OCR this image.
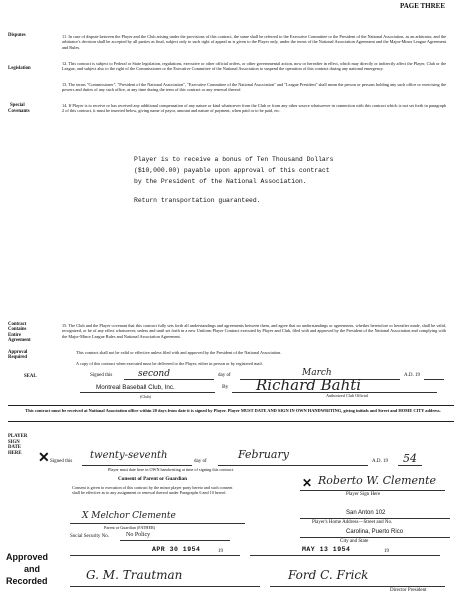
PAGE THREE
Disputes
Legislation
Special
Covenants
11. In case of dispute between the Player and the Club arising under the provisions of this contract, the same shall be referred to the Executive Committee or the President of the National Association, as an arbitrator, and the arbitrator's decision shall be accepted by all parties as final, subject only to such right of appeal as is given to the Player only, under the terms of the National Association Agreement and the Major-Minor League Agreement and Rules.
12. This contract is subject to Federal or State legislation, regulations, executive or other official orders, or other governmental action, now or hereafter in effect, which may directly or indirectly affect the Player, Club or the League, and subject also to the right of the Commissioner or the Executive Committee of the National Association to suspend the operation of this contract during any national emergency.
13. The terms "Commissioner", "President of the National Association", "Executive Committee of the National Association" and "League President" shall mean the person or persons holding any such office or exercising the powers and duties of any such office, at any time during the term of this contract or any renewal thereof.
14. If Player is to receive or has received any additional compensation of any nature or kind whatsoever from the Club or from any other source whatsoever in connection with this contract which is not set forth in paragraph 2 of this contract, it must be inserted below, giving name of payor, amount and nature of payment, when paid or to be paid, etc.
Player is to receive a bonus of Ten Thousand Dollars
($10,000.00) payable upon approval of this contract
by the President of the National Association.
Return transportation guaranteed.
Contract
Contains
Entire
Agreement
Approval
Required
15. The Club and the Player covenant that this contract fully sets forth all understandings and agreements between them, and agree that no understandings or agreements, whether heretofore or hereafter made, shall be valid, recognized, or be of any effect whatsoever, unless and until set forth in a new Uniform Player Contract executed by Player and Club, filed with and approved by the President of the National Association and complying with the Major-Minor League Rules and National Association Agreement.
This contract shall not be valid or effective unless filed with and approved by the President of the National Association.
A copy of this contract when executed must be delivered to the Player, either in person or by registered mail.
SEAL	Signed this	second	day of	March	A.D. 19
Montreal Baseball Club, Inc.
(Club)
By Richard Bahti
Authorized Club Official
This contract must be received at National Association office within 20 days from date it is signed by Player. Player MUST DATE AND SIGN IN OWN HANDWRITING, giving initials and Street and HOME CITY address.
PLAYER
SIGN
DATE
HERE	✕ Signed this
twenty-seventh
day of
February
A.D. 19 54
Player must date here in OWN handwriting at time of signing this contract.
Consent of Parent or Guardian
Consent is given to execution of this contract by the minor player party hereto and such consent shall be effective as to any assignment or renewal thereof under Paragraphs 6 and 10 hereof.
✕ Roberto W. Clemente
Player Sign Here
X Melchor Clemente
Parent or Guardian (FATHER)
San Anton 102
Player's Home Address—Street and No.
Carolina, Puerto Rico
City and State
Social Security No.	No Policy
APR 30 1954	19	MAY 13 1954	19
Approved
and
Recorded	G. M. Trautman	Ford C. Frick
Director President
